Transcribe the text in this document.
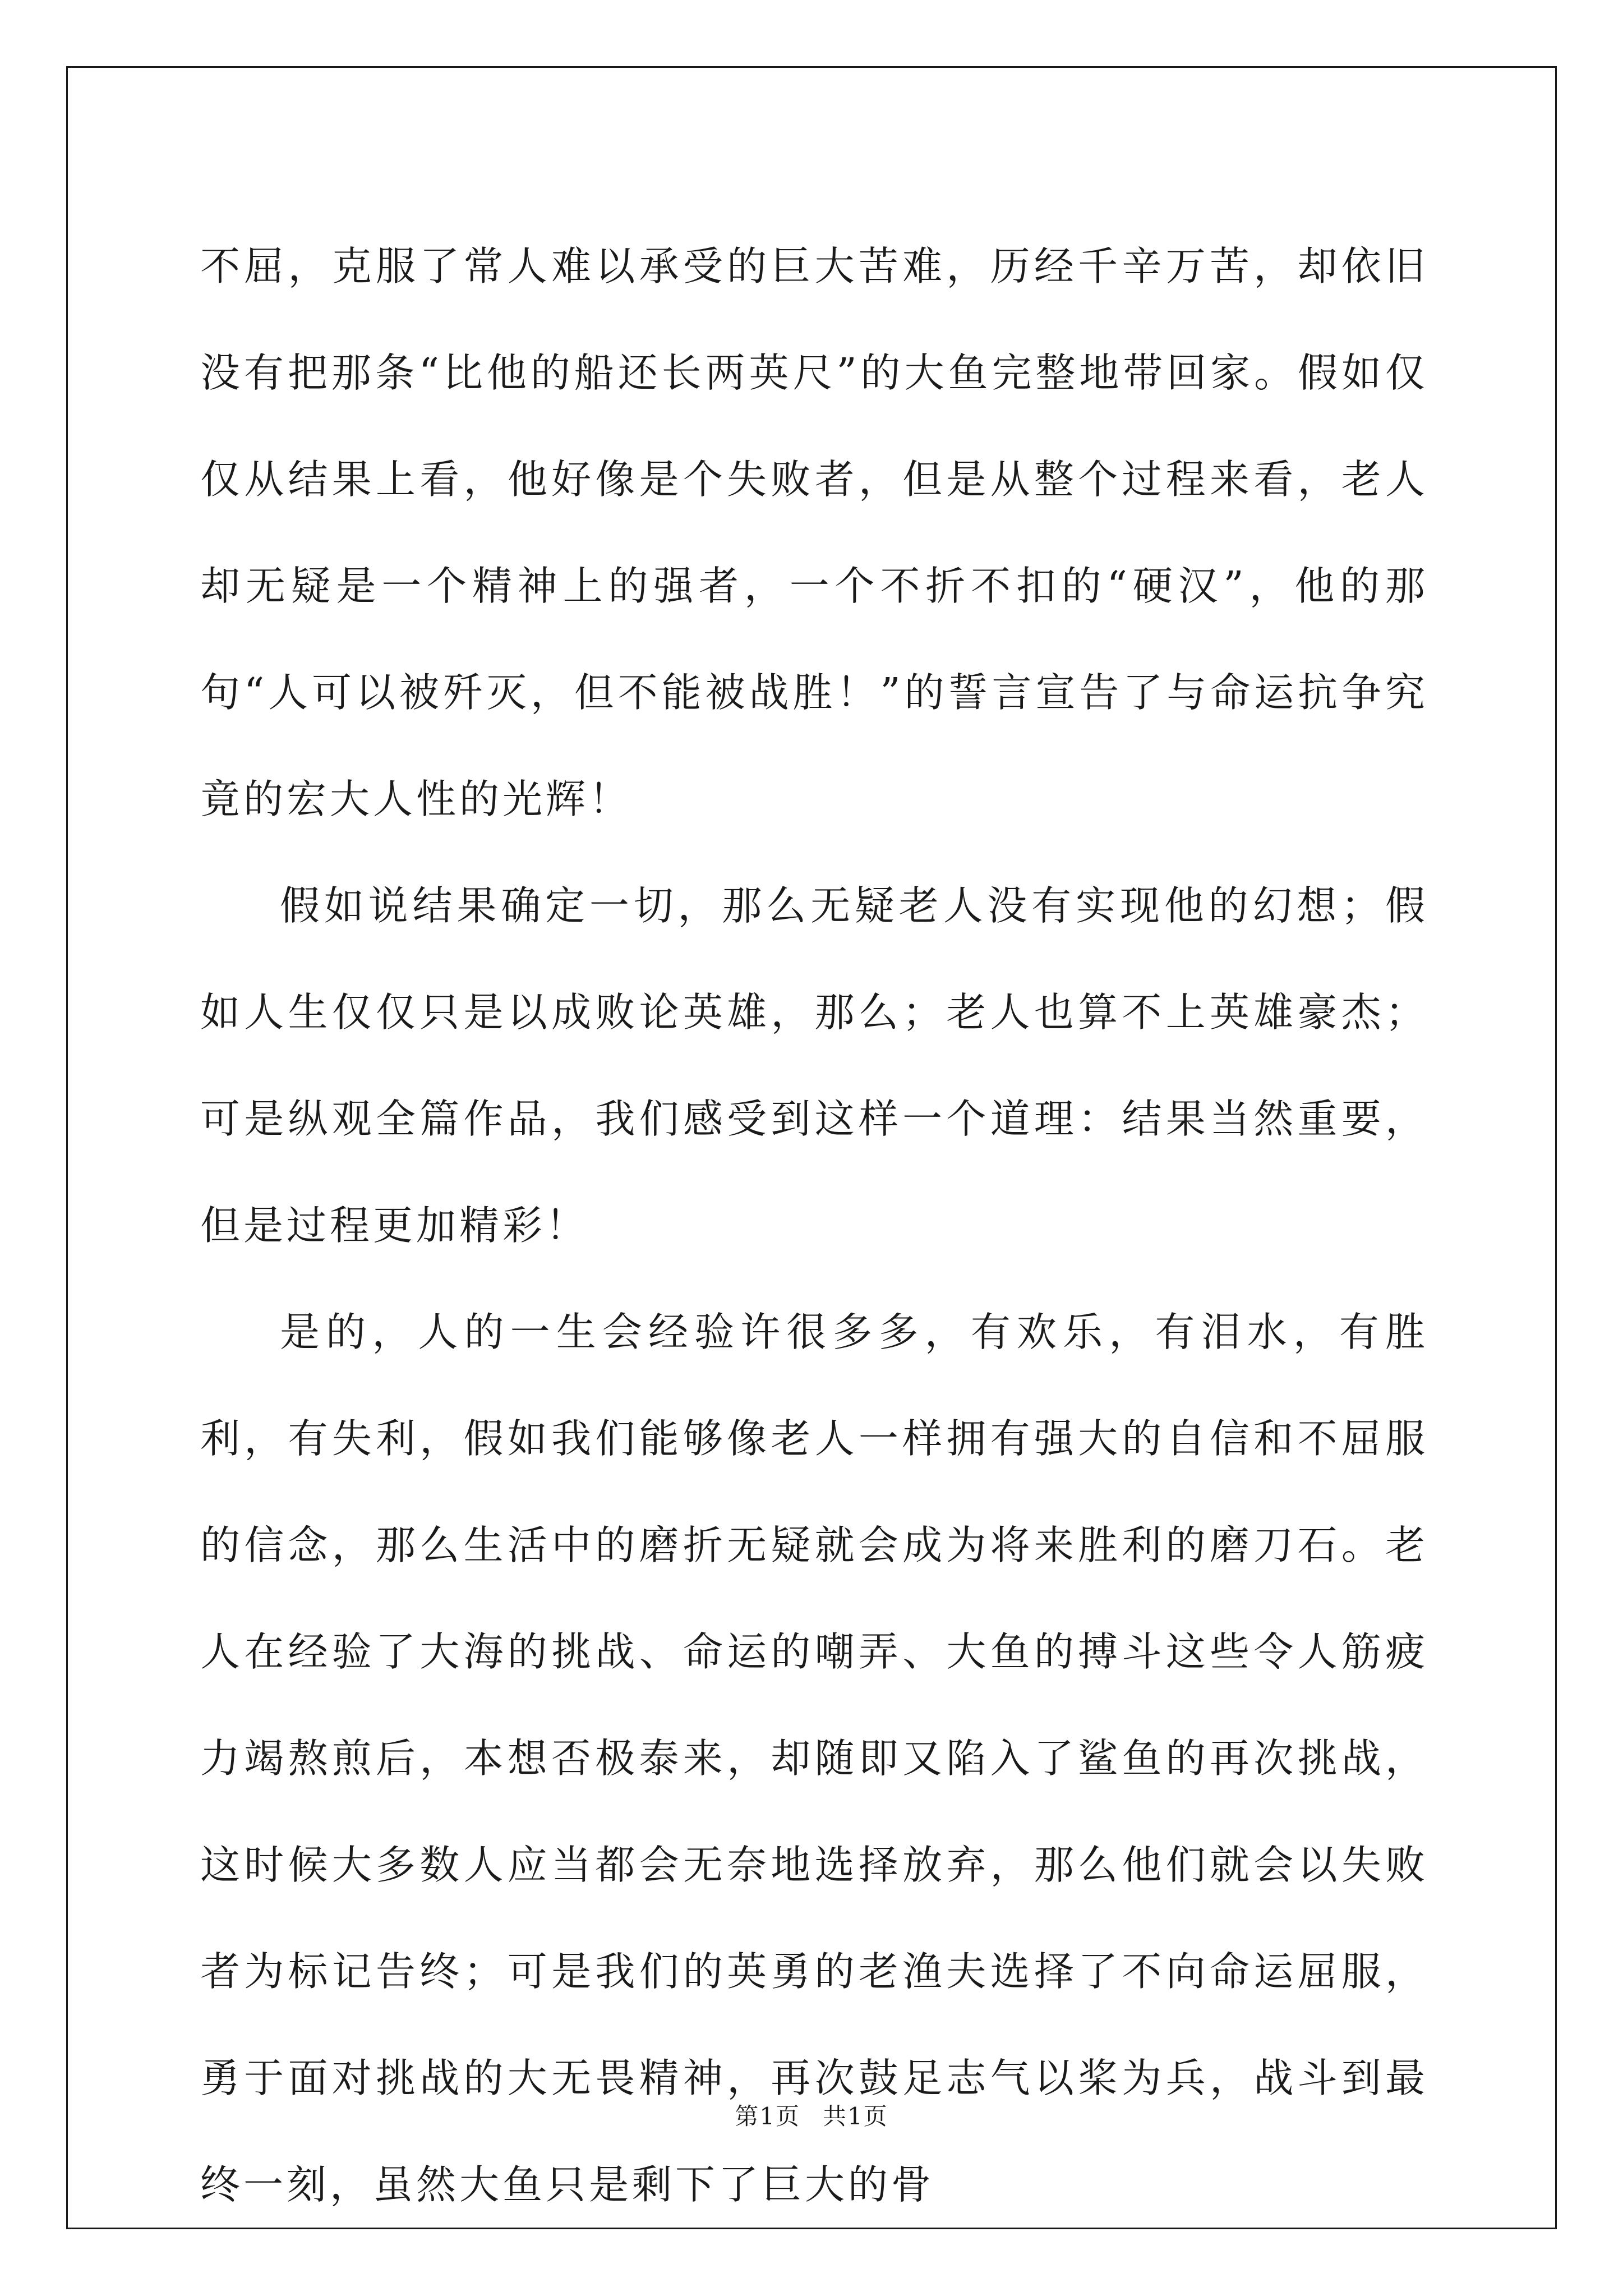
不屈，克服了常人难以承受的巨大苦难，历经千辛万苦，却依旧没有把那条“比他的船还长两英尺”的大鱼完整地带回家。假如仅仅从结果上看，他好像是个失败者，但是从整个过程来看，老人却无疑是一个精神上的强者，一个不折不扣的“硬汉”，他的那句“人可以被歼灭，但不能被战胜！”的誓言宣告了与命运抗争究竟的宏大人性的光辉！

假如说结果确定一切，那么无疑老人没有实现他的幻想；假如人生仅仅只是以成败论英雄，那么；老人也算不上英雄豪杰；可是纵观全篇作品，我们感受到这样一个道理：结果当然重要，但是过程更加精彩！

是的，人的一生会经验许很多多，有欢乐，有泪水，有胜利，有失利，假如我们能够像老人一样拥有强大的自信和不屈服的信念，那么生活中的磨折无疑就会成为将来胜利的磨刀石。老人在经验了大海的挑战、命运的嘲弄、大鱼的搏斗这些令人筋疲力竭熬煎后，本想否极泰来，却随即又陷入了鲨鱼的再次挑战，这时候大多数人应当都会无奈地选择放弃，那么他们就会以失败者为标记告终；可是我们的英勇的老渔夫选择了不向命运屈服，勇于面对挑战的大无畏精神，再次鼓足志气以桨为兵，战斗到最终一刻，虽然大鱼只是剩下了巨大的骨

第1页 共1页
